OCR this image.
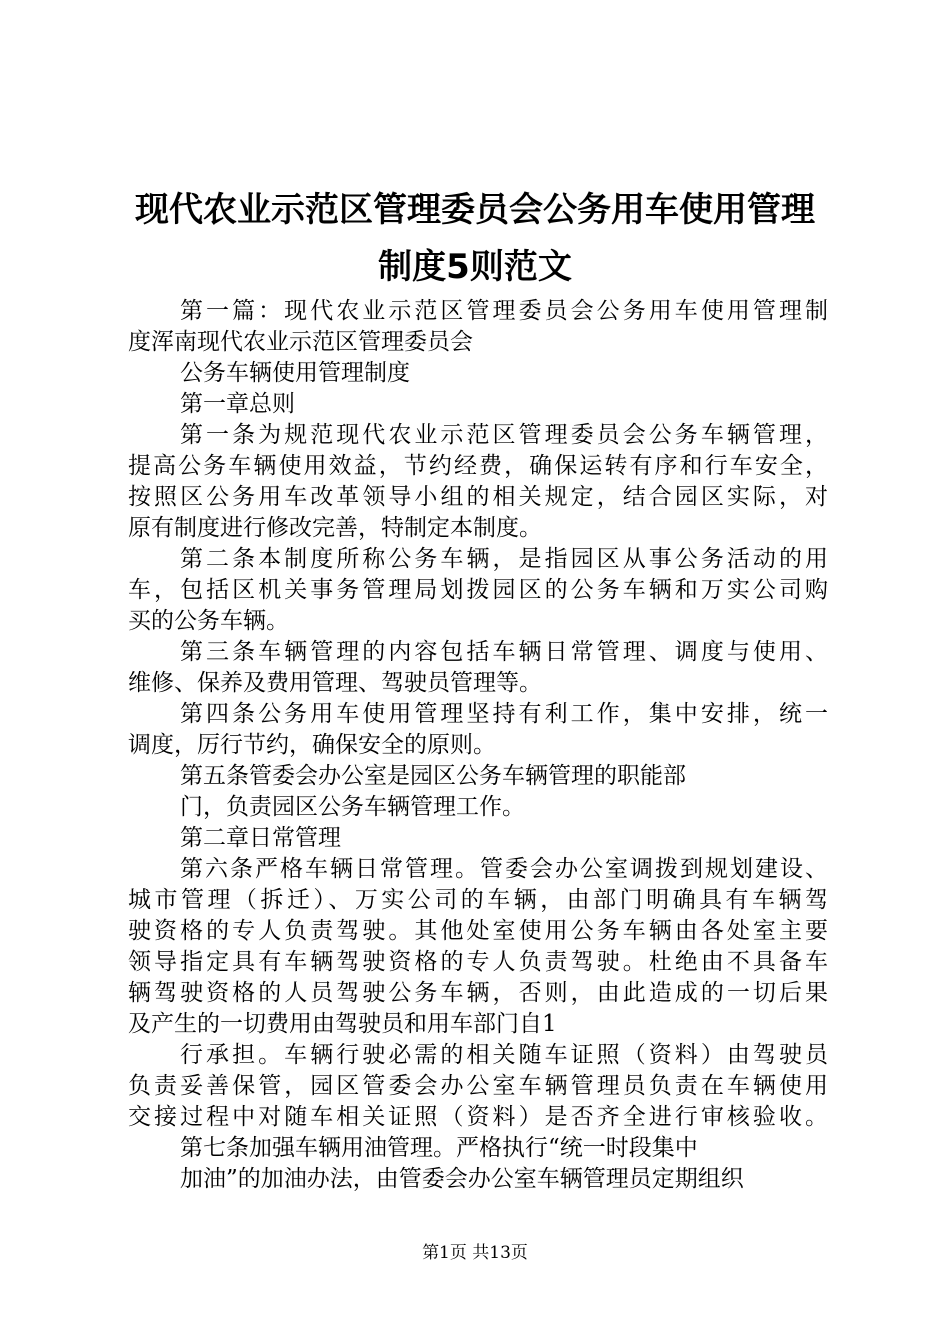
现代农业示范区管理委员会公务用车使用管理
制度5则范文
第一篇：现代农业示范区管理委员会公务用车使用管理制
度浑南现代农业示范区管理委员会
公务车辆使用管理制度
第一章总则
第一条为规范现代农业示范区管理委员会公务车辆管理，
提高公务车辆使用效益，节约经费，确保运转有序和行车安全，
按照区公务用车改革领导小组的相关规定，结合园区实际，对
原有制度进行修改完善，特制定本制度。
第二条本制度所称公务车辆，是指园区从事公务活动的用
车，包括区机关事务管理局划拨园区的公务车辆和万实公司购
买的公务车辆。
第三条车辆管理的内容包括车辆日常管理、调度与使用、
维修、保养及费用管理、驾驶员管理等。
第四条公务用车使用管理坚持有利工作，集中安排，统一
调度，厉行节约，确保安全的原则。
第五条管委会办公室是园区公务车辆管理的职能部
门，负责园区公务车辆管理工作。
第二章日常管理
第六条严格车辆日常管理。管委会办公室调拨到规划建设、
城市管理（拆迁）、万实公司的车辆，由部门明确具有车辆驾
驶资格的专人负责驾驶。其他处室使用公务车辆由各处室主要
领导指定具有车辆驾驶资格的专人负责驾驶。杜绝由不具备车
辆驾驶资格的人员驾驶公务车辆，否则，由此造成的一切后果
及产生的一切费用由驾驶员和用车部门自1
行承担。车辆行驶必需的相关随车证照（资料）由驾驶员
负责妥善保管，园区管委会办公室车辆管理员负责在车辆使用
交接过程中对随车相关证照（资料）是否齐全进行审核验收。
第七条加强车辆用油管理。严格执行“统一时段集中
加油”的加油办法，由管委会办公室车辆管理员定期组织
第1页 共13页
